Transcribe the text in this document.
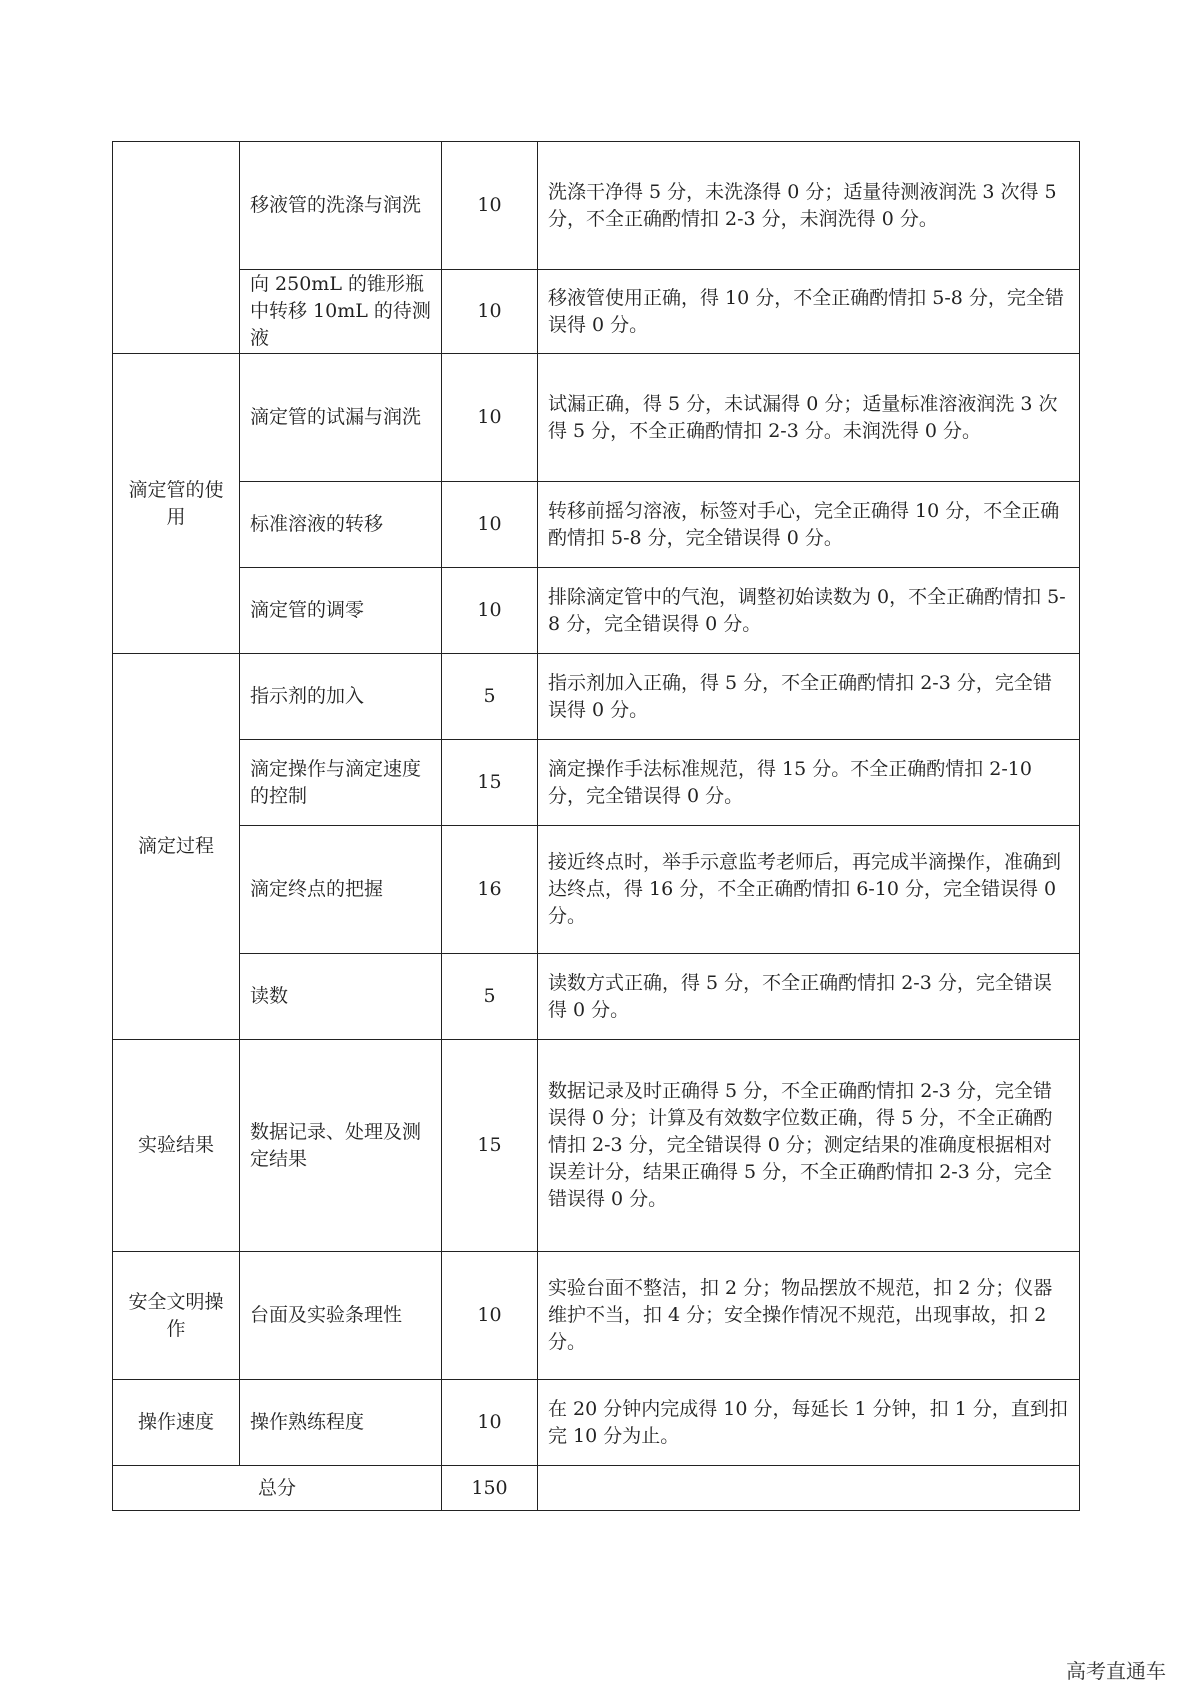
	移液管的洗涤与润洗	10	洗涤干净得 5 分，未洗涤得 0 分；适量待测液润洗 3 次得 5 分，不全正确酌情扣 2-3 分，未润洗得 0 分。
	向 250mL 的锥形瓶中转移 10mL 的待测液	10	移液管使用正确，得 10 分，不全正确酌情扣 5-8 分，完全错误得 0 分。
滴定管的使用	滴定管的试漏与润洗	10	试漏正确，得 5 分，未试漏得 0 分；适量标准溶液润洗 3 次得 5 分，不全正确酌情扣 2-3 分。未润洗得 0 分。
	标准溶液的转移	10	转移前摇匀溶液，标签对手心，完全正确得 10 分，不全正确酌情扣 5-8 分，完全错误得 0 分。
	滴定管的调零	10	排除滴定管中的气泡，调整初始读数为 0，不全正确酌情扣 5-8 分，完全错误得 0 分。
滴定过程	指示剂的加入	5	指示剂加入正确，得 5 分，不全正确酌情扣 2-3 分，完全错误得 0 分。
	滴定操作与滴定速度的控制	15	滴定操作手法标准规范，得 15 分。不全正确酌情扣 2-10 分，完全错误得 0 分。
	滴定终点的把握	16	接近终点时，举手示意监考老师后，再完成半滴操作，准确到达终点，得 16 分，不全正确酌情扣 6-10 分，完全错误得 0 分。
	读数	5	读数方式正确，得 5 分，不全正确酌情扣 2-3 分，完全错误得 0 分。
实验结果	数据记录、处理及测定结果	15	数据记录及时正确得 5 分，不全正确酌情扣 2-3 分，完全错误得 0 分；计算及有效数字位数正确，得 5 分，不全正确酌情扣 2-3 分，完全错误得 0 分；测定结果的准确度根据相对误差计分，结果正确得 5 分，不全正确酌情扣 2-3 分，完全错误得 0 分。
安全文明操作	台面及实验条理性	10	实验台面不整洁，扣 2 分；物品摆放不规范，扣 2 分；仪器维护不当，扣 4 分；安全操作情况不规范，出现事故，扣 2 分。
操作速度	操作熟练程度	10	在 20 分钟内完成得 10 分，每延长 1 分钟，扣 1 分，直到扣完 10 分为止。
总分		150	
高考直通车
